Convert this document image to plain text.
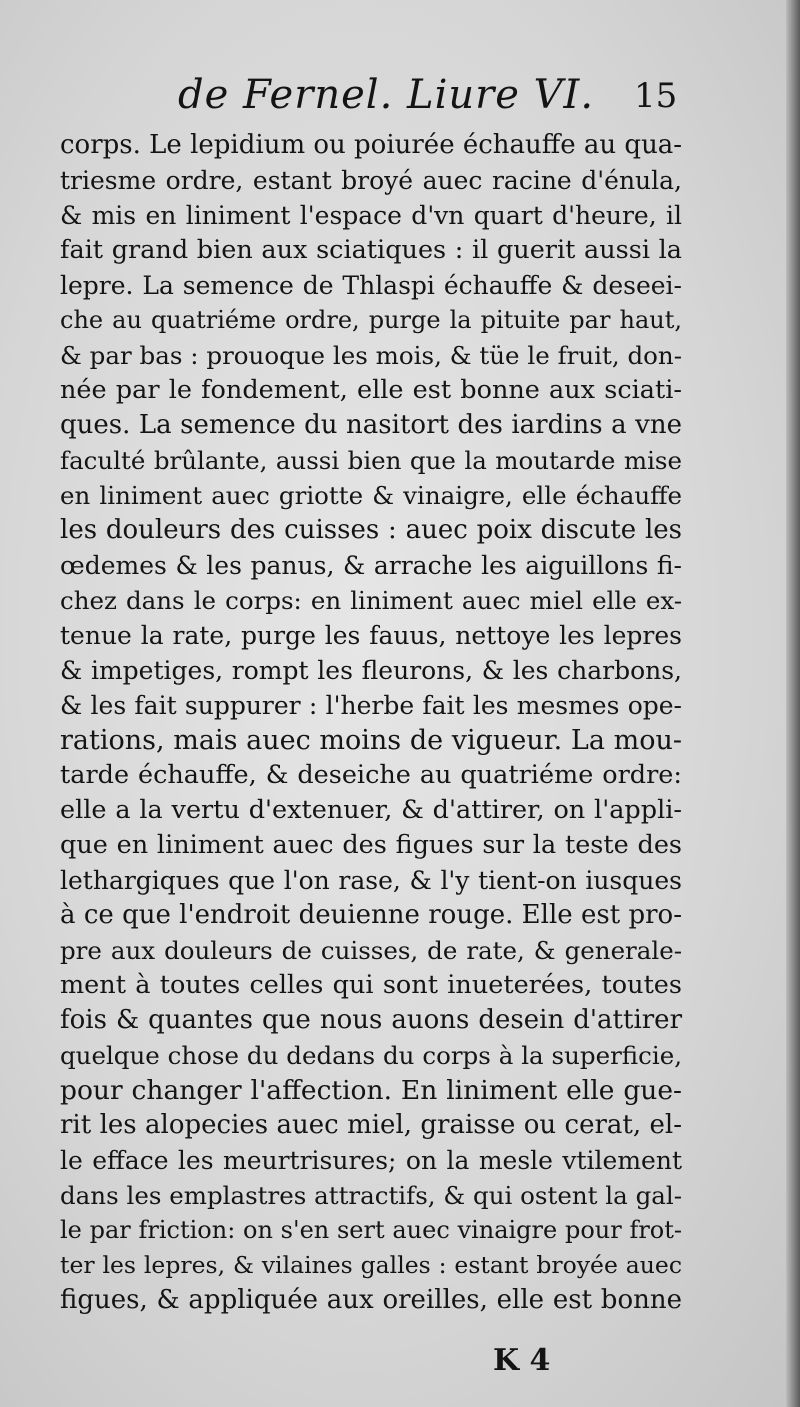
de Fernel. Liure VI. 15
corps. Le lepidium ou poiurée échauffe au qua-
triesme ordre, estant broyé auec racine d'énula,
& mis en liniment l'espace d'vn quart d'heure, il
fait grand bien aux sciatiques : il guerit aussi la
lepre. La semence de Thlaspi échauffe & deseei-
che au quatriéme ordre, purge la pituite par haut,
& par bas : prouoque les mois, & tüe le fruit, don-
née par le fondement, elle est bonne aux sciati-
ques. La semence du nasitort des iardins a vne
faculté brûlante, aussi bien que la moutarde mise
en liniment auec griotte & vinaigre, elle échauffe
les douleurs des cuisses : auec poix discute les
œdemes & les panus, & arrache les aiguillons fi-
chez dans le corps: en liniment auec miel elle ex-
tenue la rate, purge les fauus, nettoye les lepres
& impetiges, rompt les fleurons, & les charbons,
& les fait suppurer : l'herbe fait les mesmes ope-
rations, mais auec moins de vigueur. La mou-
tarde échauffe, & deseiche au quatriéme ordre:
elle a la vertu d'extenuer, & d'attirer, on l'appli-
que en liniment auec des figues sur la teste des
lethargiques que l'on rase, & l'y tient-on iusques
à ce que l'endroit deuienne rouge. Elle est pro-
pre aux douleurs de cuisses, de rate, & generale-
ment à toutes celles qui sont inueterées, toutes
fois & quantes que nous auons desein d'attirer
quelque chose du dedans du corps à la superficie,
pour changer l'affection. En liniment elle gue-
rit les alopecies auec miel, graisse ou cerat, el-
le efface les meurtrisures; on la mesle vtilement
dans les emplastres attractifs, & qui ostent la gal-
le par friction: on s'en sert auec vinaigre pour frot-
ter les lepres, & vilaines galles : estant broyée auec
figues, & appliquée aux oreilles, elle est bonne
K 4
